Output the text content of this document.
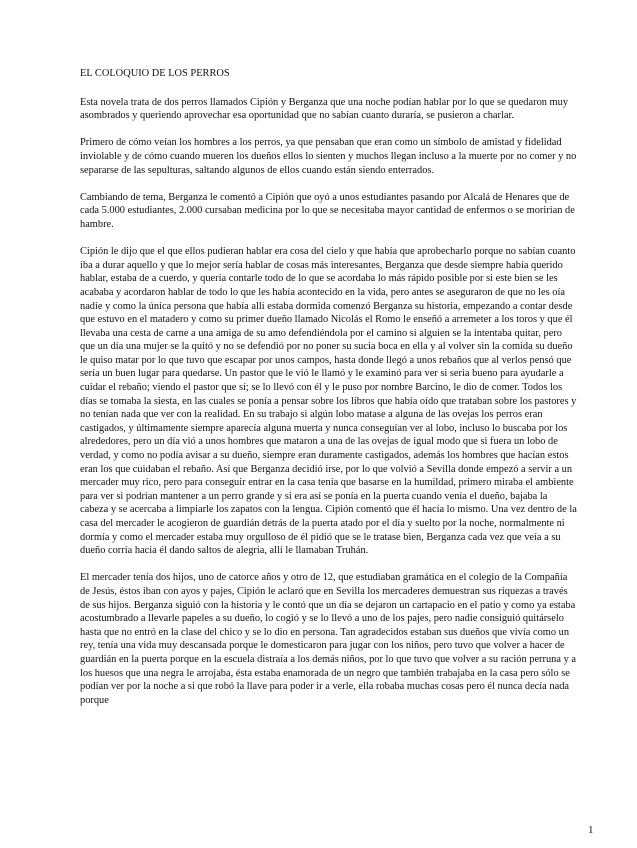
EL COLOQUIO DE LOS PERROS

Esta novela trata de dos perros llamados Cipión y Berganza que una noche podían hablar por lo que se quedaron muy asombrados y queriendo aprovechar esa oportunidad que no sabían cuanto duraría, se pusieron a charlar.

Primero de cómo veían los hombres a los perros, ya que pensaban que eran como un símbolo de amistad y fidelidad inviolable y de cómo cuando mueren los dueños ellos lo sienten y muchos llegan incluso a la muerte por no comer y no separarse de las sepulturas, saltando algunos de ellos cuando están siendo enterrados.

Cambiando de tema, Berganza le comentó a Cipión que oyó a unos estudiantes pasando por Alcalá de Henares que de cada 5.000 estudiantes, 2.000 cursaban medicina por lo que se necesitaba mayor cantidad de enfermos o se morirían de hambre.

Cipión le dijo que el que ellos pudieran hablar era cosa del cielo y que había que aprobecharlo porque no sabían cuanto iba a durar aquello y que lo mejor sería hablar de cosas más interesantes, Berganza que desde siempre había querido hablar, estaba de a cuerdo, y quería contarle todo de lo que se acordaba lo más rápido posible por si este bien se les acababa y acordaron hablar de todo lo que les había acontecido en la vida, pero antes se aseguraron de que no les oía nadie y como la única persona que había allí estaba dormida comenzó Berganza su historia, empezando a contar desde que estuvo en el matadero y como su primer dueño llamado Nicolás el Romo le enseñó a arremeter a los toros y que él llevaba una cesta de carne a una amiga de su amo defendiéndola por el camino si alguien se la intentaba quitar, pero que un día una mujer se la quitó y no se defendió por no poner su sucia boca en ella y al volver sin la comida su dueño le quiso matar por lo que tuvo que escapar por unos campos, hasta donde llegó a unos rebaños que al verlos pensó que sería un buen lugar para quedarse. Un pastor que le vió le llamó y le examinó para ver si seria bueno para ayudarle a cuidar el rebaño; viendo el pastor que sí; se lo llevó con él y le puso por nombre Barcino, le dio de comer. Todos los días se tomaba la siesta, en las cuales se ponía a pensar sobre los libros que había oído que trataban sobre los pastores y no tenían nada que ver con la realidad. En su trabajo si algún lobo matase a alguna de las ovejas los perros eran castigados, y últimamente siempre aparecía alguna muerta y nunca conseguían ver al lobo, incluso lo buscaba por los alrededores, pero un día vió a unos hombres que mataron a una de las ovejas de igual modo que si fuera un lobo de verdad, y como no podía avisar a su dueño, siempre eran duramente castigados, además los hombres que hacían estos eran los que cuidaban el rebaño. Así que Berganza decidió irse, por lo que volvió a Sevilla donde empezó a servir a un mercader muy rico, pero para conseguir entrar en la casa tenía que basarse en la humildad, primero miraba el ambiente para ver si podrían mantener a un perro grande y si era así se ponía en la puerta cuando venía el dueño, bajaba la cabeza y se acercaba a limpiarle los zapatos con la lengua. Cipión comentó que él hacía lo mismo. Una vez dentro de la casa del mercader le acogieron de guardián detrás de la puerta atado por el día y suelto por la noche, normalmente ni dormía y como el mercader estaba muy orgulloso de él pidió que se le tratase bien, Berganza cada vez que veía a su dueño corría hacia él dando saltos de alegría, allí le llamaban Truhán.

El mercader tenía dos hijos, uno de catorce años y otro de 12, que estudiaban gramática en el colegio de la Compañía de Jesús, éstos iban con ayos y pajes, Cipión le aclaró que en Sevilla los mercaderes demuestran sus riquezas a través de sus hijos. Berganza siguió con la historia y le contó que un día se dejaron un cartapacio en el patio y como ya estaba acostumbrado a llevarle papeles a su dueño, lo cogió y se lo llevó a uno de los pajes, pero nadie consiguió quitárselo hasta que no entró en la clase del chico y se lo dio en persona. Tan agradecidos estaban sus dueños que vivía como un rey, tenía una vida muy descansada porque le domesticaron para jugar con los niños, pero tuvo que volver a hacer de guardián en la puerta porque en la escuela distraía a los demás niños, por lo que tuvo que volver a su ración perruna y a los huesos que una negra le arrojaba, ésta estaba enamorada de un negro que también trabajaba en la casa pero sólo se podían ver por la noche a si que robó la llave para poder ir a verle, ella robaba muchas cosas pero él nunca decía nada porque

1
